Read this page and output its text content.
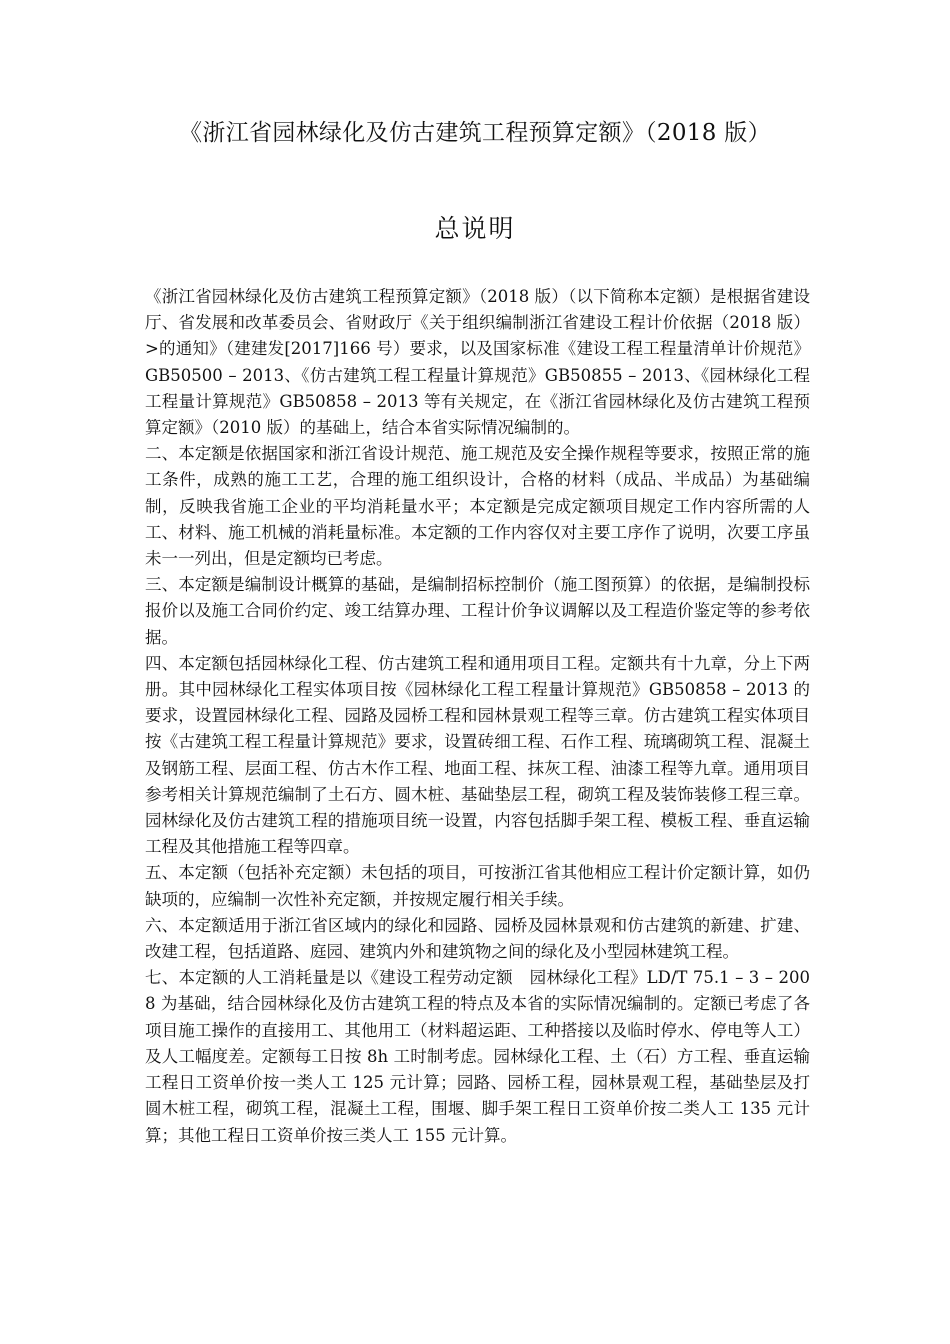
《浙江省园林绿化及仿古建筑工程预算定额》（2018 版）
总说明

《浙江省园林绿化及仿古建筑工程预算定额》（2018 版）（以下简称本定额）是根据省建设厅、省发展和改革委员会、省财政厅《关于组织编制浙江省建设工程计价依据（2018 版）>的通知》（建建发[2017]166 号）要求，以及国家标准《建设工程工程量清单计价规范》GB50500 – 2013、《仿古建筑工程工程量计算规范》GB50855 – 2013、《园林绿化工程工程量计算规范》GB50858 – 2013 等有关规定，在《浙江省园林绿化及仿古建筑工程预算定额》（2010 版）的基础上，结合本省实际情况编制的。

二、本定额是依据国家和浙江省设计规范、施工规范及安全操作规程等要求，按照正常的施工条件，成熟的施工工艺，合理的施工组织设计，合格的材料（成品、半成品）为基础编制，反映我省施工企业的平均消耗量水平；本定额是完成定额项目规定工作内容所需的人工、材料、施工机械的消耗量标准。本定额的工作内容仅对主要工序作了说明，次要工序虽未一一列出，但是定额均已考虑。

三、本定额是编制设计概算的基础，是编制招标控制价（施工图预算）的依据，是编制投标报价以及施工合同价约定、竣工结算办理、工程计价争议调解以及工程造价鉴定等的参考依据。

四、本定额包括园林绿化工程、仿古建筑工程和通用项目工程。定额共有十九章，分上下两册。其中园林绿化工程实体项目按《园林绿化工程工程量计算规范》GB50858 – 2013 的要求，设置园林绿化工程、园路及园桥工程和园林景观工程等三章。仿古建筑工程实体项目按《古建筑工程工程量计算规范》要求，设置砖细工程、石作工程、琉璃砌筑工程、混凝土及钢筋工程、层面工程、仿古木作工程、地面工程、抹灰工程、油漆工程等九章。通用项目参考相关计算规范编制了土石方、圆木桩、基础垫层工程，砌筑工程及装饰装修工程三章。园林绿化及仿古建筑工程的措施项目统一设置，内容包括脚手架工程、模板工程、垂直运输工程及其他措施工程等四章。

五、本定额（包括补充定额）未包括的项目，可按浙江省其他相应工程计价定额计算，如仍缺项的，应编制一次性补充定额，并按规定履行相关手续。

六、本定额适用于浙江省区域内的绿化和园路、园桥及园林景观和仿古建筑的新建、扩建、改建工程，包括道路、庭园、建筑内外和建筑物之间的绿化及小型园林建筑工程。

七、本定额的人工消耗量是以《建设工程劳动定额　园林绿化工程》LD/T 75.1 – 3 – 2008 为基础，结合园林绿化及仿古建筑工程的特点及本省的实际情况编制的。定额已考虑了各项目施工操作的直接用工、其他用工（材料超运距、工种搭接以及临时停水、停电等人工）及人工幅度差。定额每工日按 8h 工时制考虑。园林绿化工程、土（石）方工程、垂直运输工程日工资单价按一类人工 125 元计算；园路、园桥工程，园林景观工程，基础垫层及打圆木桩工程，砌筑工程，混凝土工程，围堰、脚手架工程日工资单价按二类人工 135 元计算；其他工程日工资单价按三类人工 155 元计算。
